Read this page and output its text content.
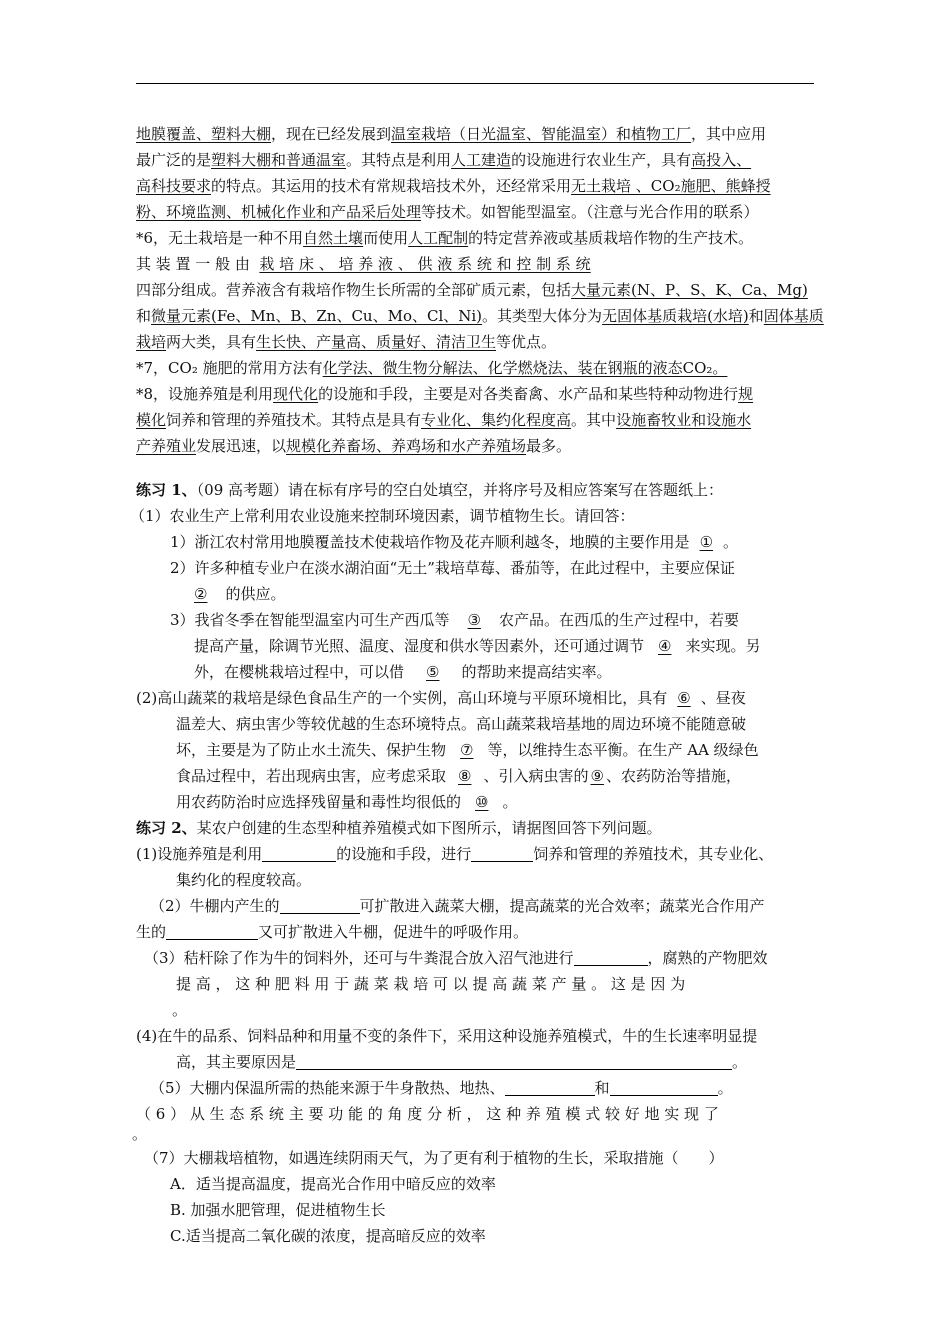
地膜覆盖、塑料大棚，现在已经发展到温室栽培（日光温室、智能温室）和植物工厂，其中应用
最广泛的是塑料大棚和普通温室。其特点是利用人工建造的设施进行农业生产，具有高投入、
高科技要求的特点。其运用的技术有常规栽培技术外，还经常采用无土栽培 、CO₂施肥、熊蜂授
粉、环境监测、机械化作业和产品采后处理等技术。如智能型温室。（注意与光合作用的联系）
*6，无土栽培是一种不用自然土壤而使用人工配制的特定营养液或基质栽培作物的生产技术。
其 装 置 一 般 由 栽 培 床 、 培 养 液 、 供 液 系 统 和 控 制 系 统
四部分组成。营养液含有栽培作物生长所需的全部矿质元素，包括大量元素(N、P、S、K、Ca、Mg)
和微量元素(Fe、Mn、B、Zn、Cu、Mo、Cl、Ni)。其类型大体分为无固体基质栽培(水培)和固体基质
栽培两大类，具有生长快、产量高、质量好、清洁卫生等优点。
*7，CO₂ 施肥的常用方法有化学法、微生物分解法、化学燃烧法、装在钢瓶的液态CO₂。
*8，设施养殖是利用现代化的设施和手段，主要是对各类畜禽、水产品和某些特种动物进行规
模化饲养和管理的养殖技术。其特点是具有专业化、集约化程度高。其中设施畜牧业和设施水
产养殖业发展迅速，以规模化养畜场、养鸡场和水产养殖场最多。
练习 1、（09 高考题）请在标有序号的空白处填空，并将序号及相应答案写在答题纸上：
（1）农业生产上常利用农业设施来控制环境因素，调节植物生长。请回答：
1）浙江农村常用地膜覆盖技术使栽培作物及花卉顺利越冬，地膜的主要作用是 ① 。
2）许多种植专业户在淡水湖泊面“无土”栽培草莓、番茄等，在此过程中，主要应保证
② 的供应。
3）我省冬季在智能型温室内可生产西瓜等 ③ 农产品。在西瓜的生产过程中，若要
提高产量，除调节光照、温度、湿度和供水等因素外，还可通过调节 ④ 来实现。另
外，在樱桃栽培过程中，可以借 ⑤ 的帮助来提高结实率。
(2)高山蔬菜的栽培是绿色食品生产的一个实例，高山环境与平原环境相比，具有 ⑥ 、昼夜
温差大、病虫害少等较优越的生态环境特点。高山蔬菜栽培基地的周边环境不能随意破
坏，主要是为了防止水土流失、保护生物 ⑦ 等，以维持生态平衡。在生产 AA 级绿色
食品过程中，若出现病虫害，应考虑采取 ⑧ 、引入病虫害的 ⑨ 、农药防治等措施，
用农药防治时应选择残留量和毒性均很低的 ⑩ 。
练习 2、某农户创建的生态型种植养殖模式如下图所示，请据图回答下列问题。
(1)设施养殖是利用	的设施和手段，进行	饲养和管理的养殖技术，其专业化、
集约化的程度较高。
（2）牛棚内产生的	可扩散进入蔬菜大棚，提高蔬菜的光合效率；蔬菜光合作用产
生的	又可扩散进入牛棚，促进牛的呼吸作用。
（3）秸杆除了作为牛的饲料外，还可与牛粪混合放入沼气池进行	，腐熟的产物肥效
提 高 ， 这 种 肥 料 用 于 蔬 菜 栽 培 可 以 提 高 蔬 菜 产 量 。 这 是 因 为
。
(4)在牛的品系、饲料品种和用量不变的条件下，采用这种设施养殖模式，牛的生长速率明显提
高，其主要原因是	。
（5）大棚内保温所需的热能来源于牛身散热、地热、	和	。
（ 6 ） 从 生 态 系 统 主 要 功 能 的 角 度 分 析 ， 这 种 养 殖 模 式 较 好 地 实 现 了
。
（7）大棚栽培植物，如遇连续阴雨天气，为了更有利于植物的生长，采取措施（　　）
A．适当提高温度，提高光合作用中暗反应的效率
B. 加强水肥管理，促进植物生长
C.适当提高二氧化碳的浓度，提高暗反应的效率
